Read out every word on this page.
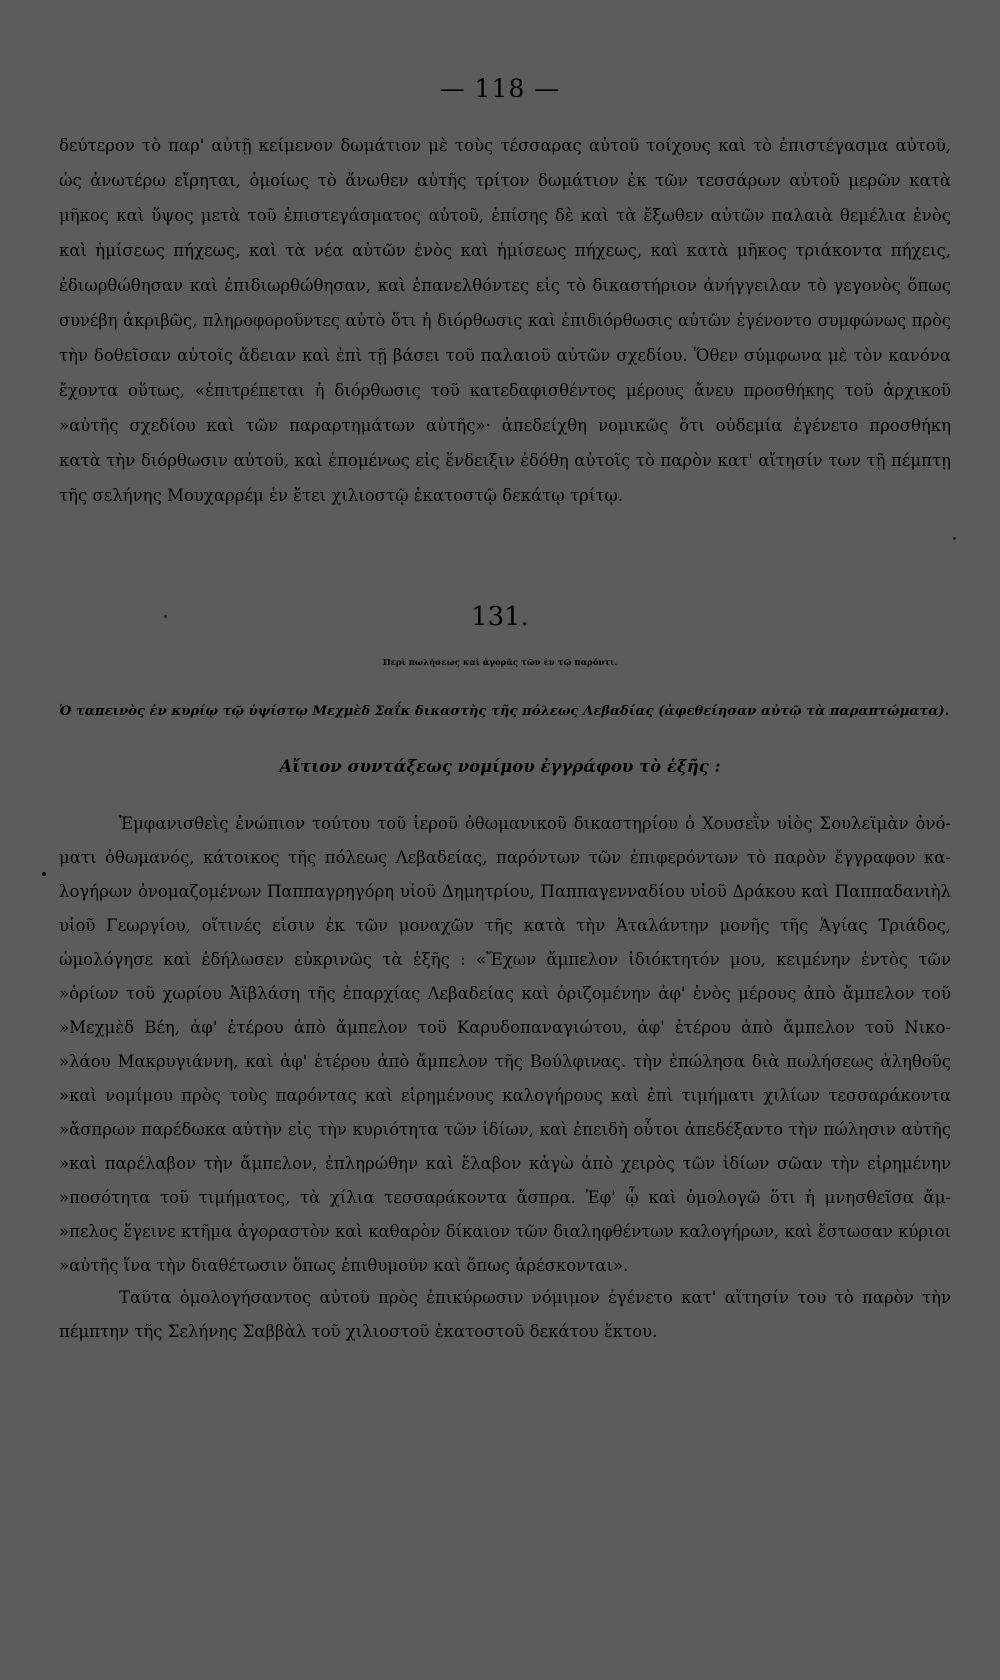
— 118 —
δεύτερον τὸ παρ' αὐτῇ κείμενον δωμάτιον μὲ τοὺς τέσσαρας αὐτοῦ τοίχους καὶ τὸ ἐπιστέγασμα αὐτοῦ,
ὡς ἀνωτέρω εἴρηται, ὁμοίως τὸ ἄνωθεν αὐτῆς τρίτον δωμάτιον ἐκ τῶν τεσσάρων αὐτοῦ μερῶν κατὰ
μῆκος καὶ ὕψος μετὰ τοῦ ἐπιστεγάσματος αὐτοῦ, ἐπίσης δὲ καὶ τὰ ἔξωθεν αὐτῶν παλαιὰ θεμέλια ἑνὸς
καὶ ἡμίσεως πήχεως, καὶ τὰ νέα αὐτῶν ἑνὸς καὶ ἡμίσεως πήχεως, καὶ κατὰ μῆκος τριάκοντα πήχεις,
ἐδιωρθώθησαν καὶ ἐπιδιωρθώθησαν, καὶ ἐπανελθόντες εἰς τὸ δικαστήριον ἀνήγγειλαν τὸ γεγονὸς ὅπως
συνέβη ἀκριβῶς, πληροφοροῦντες αὐτὸ ὅτι ἡ διόρθωσις καὶ ἐπιδιόρθωσις αὐτῶν ἐγένοντο συμφώνως πρὸς
τὴν δοθεῖσαν αὐτοῖς ἄδειαν καὶ ἐπὶ τῇ βάσει τοῦ παλαιοῦ αὐτῶν σχεδίου. Ὅθεν σύμφωνα μὲ τὸν κανόνα
ἔχοντα οὕτως, «ἐπιτρέπεται ἡ διόρθωσις τοῦ κατεδαφισθέντος μέρους ἄνευ προσθήκης τοῦ ἀρχικοῦ
»αὐτῆς σχεδίου καὶ τῶν παραρτημάτων αὐτῆς»· ἀπεδείχθη νομικῶς ὅτι οὐδεμία ἐγένετο προσθήκη
κατὰ τὴν διόρθωσιν αὐτοῦ, καὶ ἑπομένως εἰς ἔνδειξιν ἐδόθη αὐτοῖς τὸ παρὸν κατ' αἴτησίν των τῇ πέμπτῃ
τῆς σελήνης Μουχαρρέμ ἐν ἔτει χιλιοστῷ ἑκατοστῷ δεκάτῳ τρίτῳ.
131.
Περὶ πωλήσεως καὶ ἀγορᾶς τῶν ἐν τῷ παρόντι.
Ὁ ταπεινὸς ἐν κυρίῳ τῷ ὑψίστῳ Μεχμὲδ Σαΐκ δικαστὴς τῆς πόλεως Λεβαδίας (ἀφεθείησαν αὐτῷ τὰ παραπτώματα).
Αἴτιον συντάξεως νομίμου ἐγγράφου τὸ ἑξῆς :
Ἐμφανισθεὶς ἐνώπιον τούτου τοῦ ἱεροῦ ὀθωμανικοῦ δικαστηρίου ὁ Χουσεῒν υἱὸς Σουλεϊμὰν ὀνό-
ματι ὀθωμανός, κάτοικος τῆς πόλεως Λεβαδείας, παρόντων τῶν ἐπιφερόντων τὸ παρὸν ἔγγραφον κα-
λογήρων ὀνομαζομένων Παππαγρηγόρη υἱοῦ Δημητρίου, Παππαγενναδίου υἱοῦ Δράκου καὶ Παππαδανιὴλ
υἱοῦ Γεωργίου, οἵτινές εἰσιν ἐκ τῶν μοναχῶν τῆς κατὰ τὴν Ἀταλάντην μονῆς τῆς Ἁγίας Τριάδος,
ὡμολόγησε καὶ ἐδήλωσεν εὐκρινῶς τὰ ἑξῆς : «Ἔχων ἄμπελον ἰδιόκτητόν μου, κειμένην ἐντὸς τῶν
»ὁρίων τοῦ χωρίου Ἀϊβλάση τῆς ἐπαρχίας Λεβαδείας καὶ ὁριζομένην ἀφ' ἑνὸς μέρους ἀπὸ ἄμπελον τοῦ
»Μεχμὲδ Βέη, ἀφ' ἑτέρου ἀπὸ ἄμπελον τοῦ Καρυδοπαναγιώτου, ἀφ' ἑτέρου ἀπὸ ἄμπελον τοῦ Νικο-
»λάου Μακρυγιάννη, καὶ ἀφ' ἑτέρου ἀπὸ ἄμπελον τῆς Βούλφινας. τὴν ἐπώλησα διὰ πωλήσεως ἀληθοῦς
»καὶ νομίμου πρὸς τοὺς παρόντας καὶ εἰρημένους καλογήρους καὶ ἐπὶ τιμήματι χιλίων τεσσαράκοντα
»ἄσπρων παρέδωκα αὐτὴν εἰς τὴν κυριότητα τῶν ἰδίων, καὶ ἐπειδὴ οὗτοι ἀπεδέξαντο τὴν πώλησιν αὐτῆς
»καὶ παρέλαβον τὴν ἄμπελον, ἐπληρώθην καὶ ἔλαβον κἀγὼ ἀπὸ χειρὸς τῶν ἰδίων σῶαν τὴν εἰρημένην
»ποσότητα τοῦ τιμήματος, τὰ χίλια τεσσαράκοντα ἄσπρα. Ἐφ' ᾧ καὶ ὁμολογῶ ὅτι ἡ μνησθεῖσα ἄμ-
»πελος ἔγεινε κτῆμα ἀγοραστὸν καὶ καθαρὸν δίκαιον τῶν διαληφθέντων καλογήρων, καὶ ἔστωσαν κύριοι
»αὐτῆς ἵνα τὴν διαθέτωσιν ὅπως ἐπιθυμοῦν καὶ ὅπως ἀρέσκονται».
Ταῦτα ὁμολογήσαντος αὐτοῦ πρὸς ἐπικύρωσιν νόμιμον ἐγένετο κατ' αἴτησίν του τὸ παρὸν τὴν
πέμπτην τῆς Σελήνης Σαββὰλ τοῦ χιλιοστοῦ ἑκατοστοῦ δεκάτου ἕκτου.
